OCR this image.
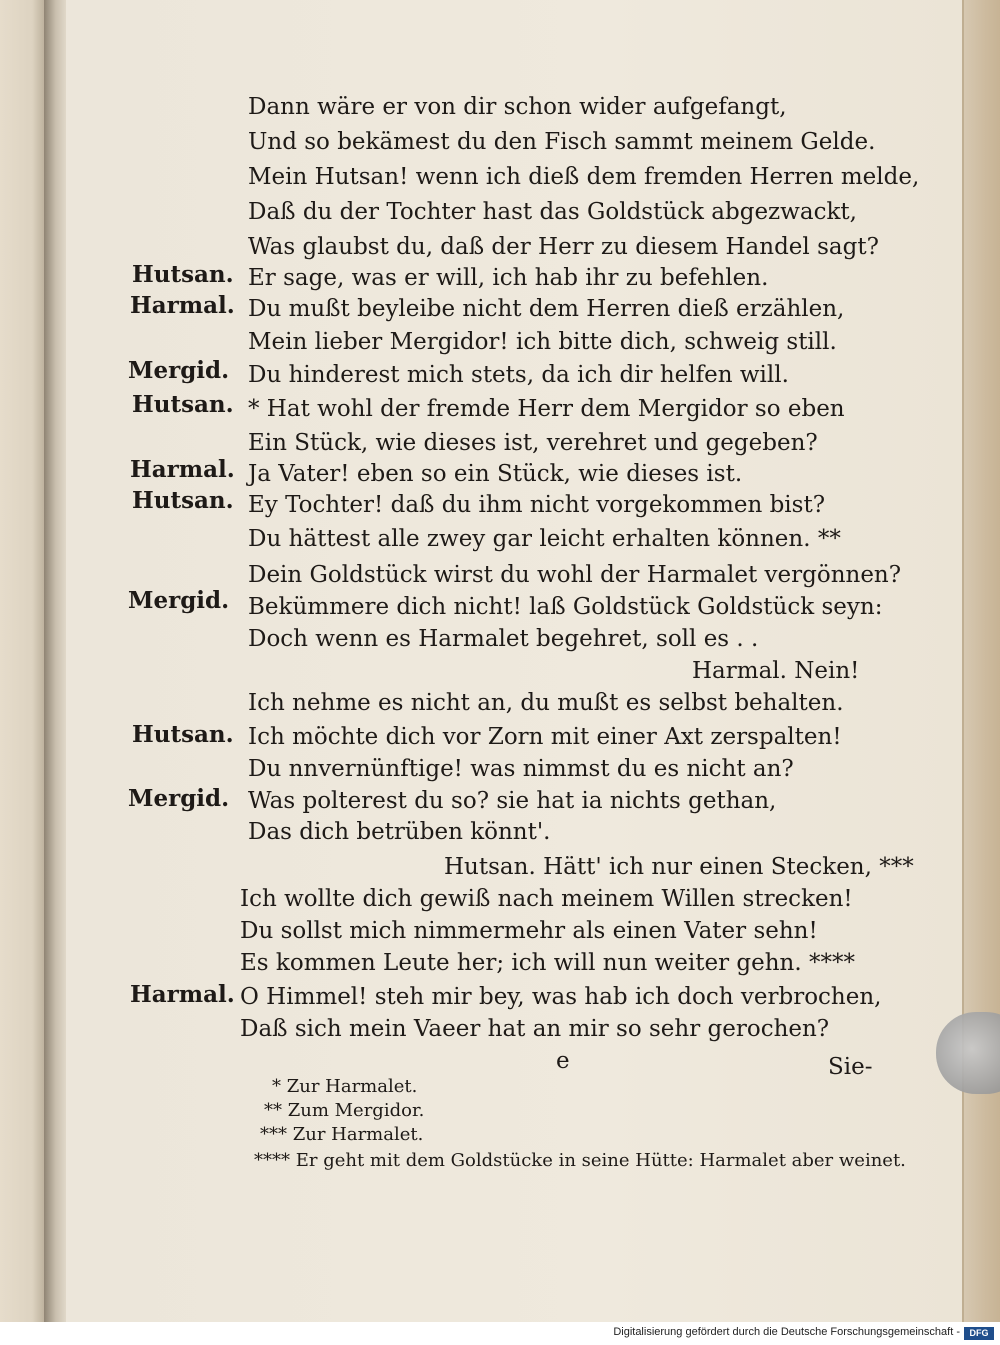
Dann wäre er von dir schon wider aufgefangt,
Und so bekämest du den Fisch sammt meinem Gelde.
Mein Hutsan! wenn ich dieß dem fremden Herren melde,
Daß du der Tochter hast das Goldstück abgezwackt,
Was glaubst du, daß der Herr zu diesem Handel sagt?
Hutsan. Er sage, was er will, ich hab ihr zu befehlen.
Harmal. Du mußt beyleibe nicht dem Herren dieß erzählen,
Mein lieber Mergidor! ich bitte dich, schweig still.
Mergid. Du hinderest mich stets, da ich dir helfen will.
Hutsan. * Hat wohl der fremde Herr dem Mergidor so eben
Ein Stück, wie dieses ist, verehret und gegeben?
Harmal. Ja Vater! eben so ein Stück, wie dieses ist.
Hutsan. Ey Tochter! daß du ihm nicht vorgekommen bist?
Du hättest alle zwey gar leicht erhalten können. **
Dein Goldstück wirst du wohl der Harmalet vergönnen?
Mergid. Bekümmere dich nicht! laß Goldstück Goldstück seyn:
Doch wenn es Harmalet begehret, soll es . .
Harmal. Nein!
Ich nehme es nicht an, du mußt es selbst behalten.
Hutsan. Ich möchte dich vor Zorn mit einer Axt zerspalten!
Du nnvernünftige! was nimmst du es nicht an?
Mergid. Was polterest du so? sie hat ia nichts gethan,
Das dich betrüben könnt'.
Hutsan. Hätt' ich nur einen Stecken, ***
Ich wollte dich gewiß nach meinem Willen strecken!
Du sollst mich nimmermehr als einen Vater sehn!
Es kommen Leute her; ich will nun weiter gehn. ****
Harmal. O Himmel! steh mir bey, was hab ich doch verbrochen,
Daß sich mein Vaeer hat an mir so sehr gerochen?
e	Sie-
* Zur Harmalet.
** Zum Mergidor.
*** Zur Harmalet.
**** Er geht mit dem Goldstücke in seine Hütte: Harmalet aber weinet.
Digitalisierung gefördert durch die Deutsche Forschungsgemeinschaft -	DFG
